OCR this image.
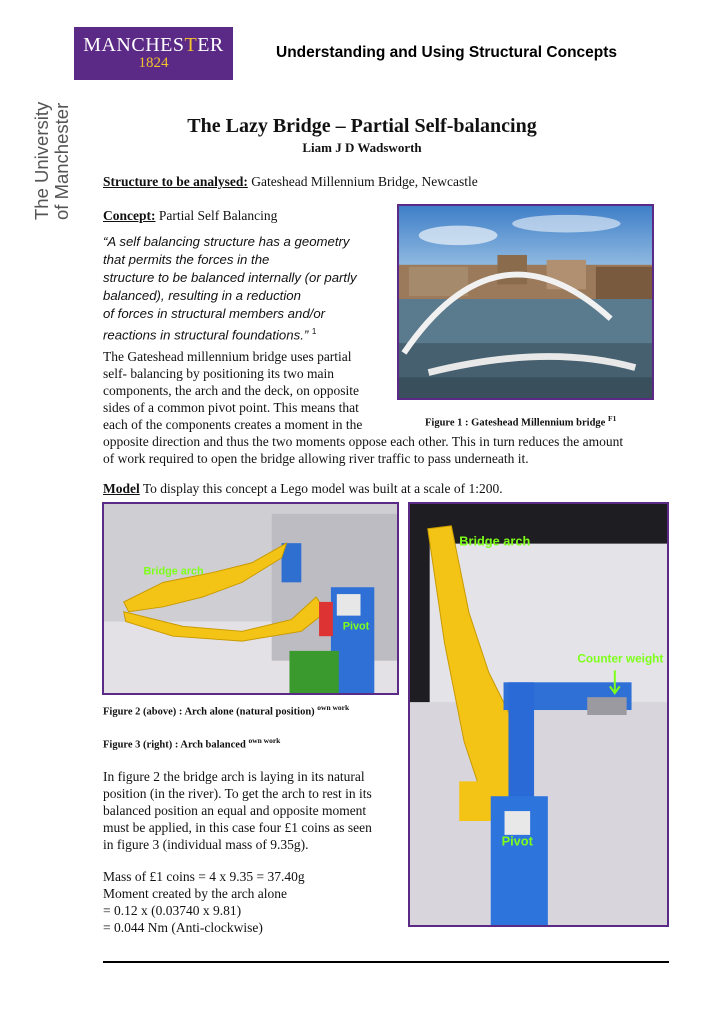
MANCHESTER
1824
The University of Manchester
Understanding and Using Structural Concepts
The Lazy Bridge – Partial Self-balancing
Liam J D Wadsworth
Structure to be analysed: Gateshead Millennium Bridge, Newcastle
Concept: Partial Self Balancing
“A self balancing structure has a geometry
that permits the forces in the
structure to be balanced internally (or partly
balanced), resulting in a reduction
of forces in structural members and/or
reactions in structural foundations.” $^1$
Figure 1 : Gateshead Millennium bridge $^{F1}$
The Gateshead millennium bridge uses partial
self- balancing by positioning its two main
components, the arch and the deck, on opposite
sides of a common pivot point. This means that
each of the components creates a moment in the
opposite direction and thus the two moments oppose each other. This in turn reduces the amount
of work required to open the bridge allowing river traffic to pass underneath it.
Model To display this concept a Lego model was built at a scale of 1:200.
Bridge arch
Pivot
Figure 2 (above) : Arch alone (natural position) $^{own work}$
Figure 3 (right) : Arch balanced $^{own work}$
Bridge arch
Counter weight
Pivot
In figure 2 the bridge arch is laying in its natural
position (in the river). To get the arch to rest in its
balanced position an equal and opposite moment
must be applied, in this case four £1 coins as seen
in figure 3 (individual mass of 9.35g).
Mass of £1 coins = 4 x 9.35 = 37.40g
Moment created by the arch alone
= 0.12 x (0.03740 x 9.81)
= 0.044 Nm (Anti-clockwise)
